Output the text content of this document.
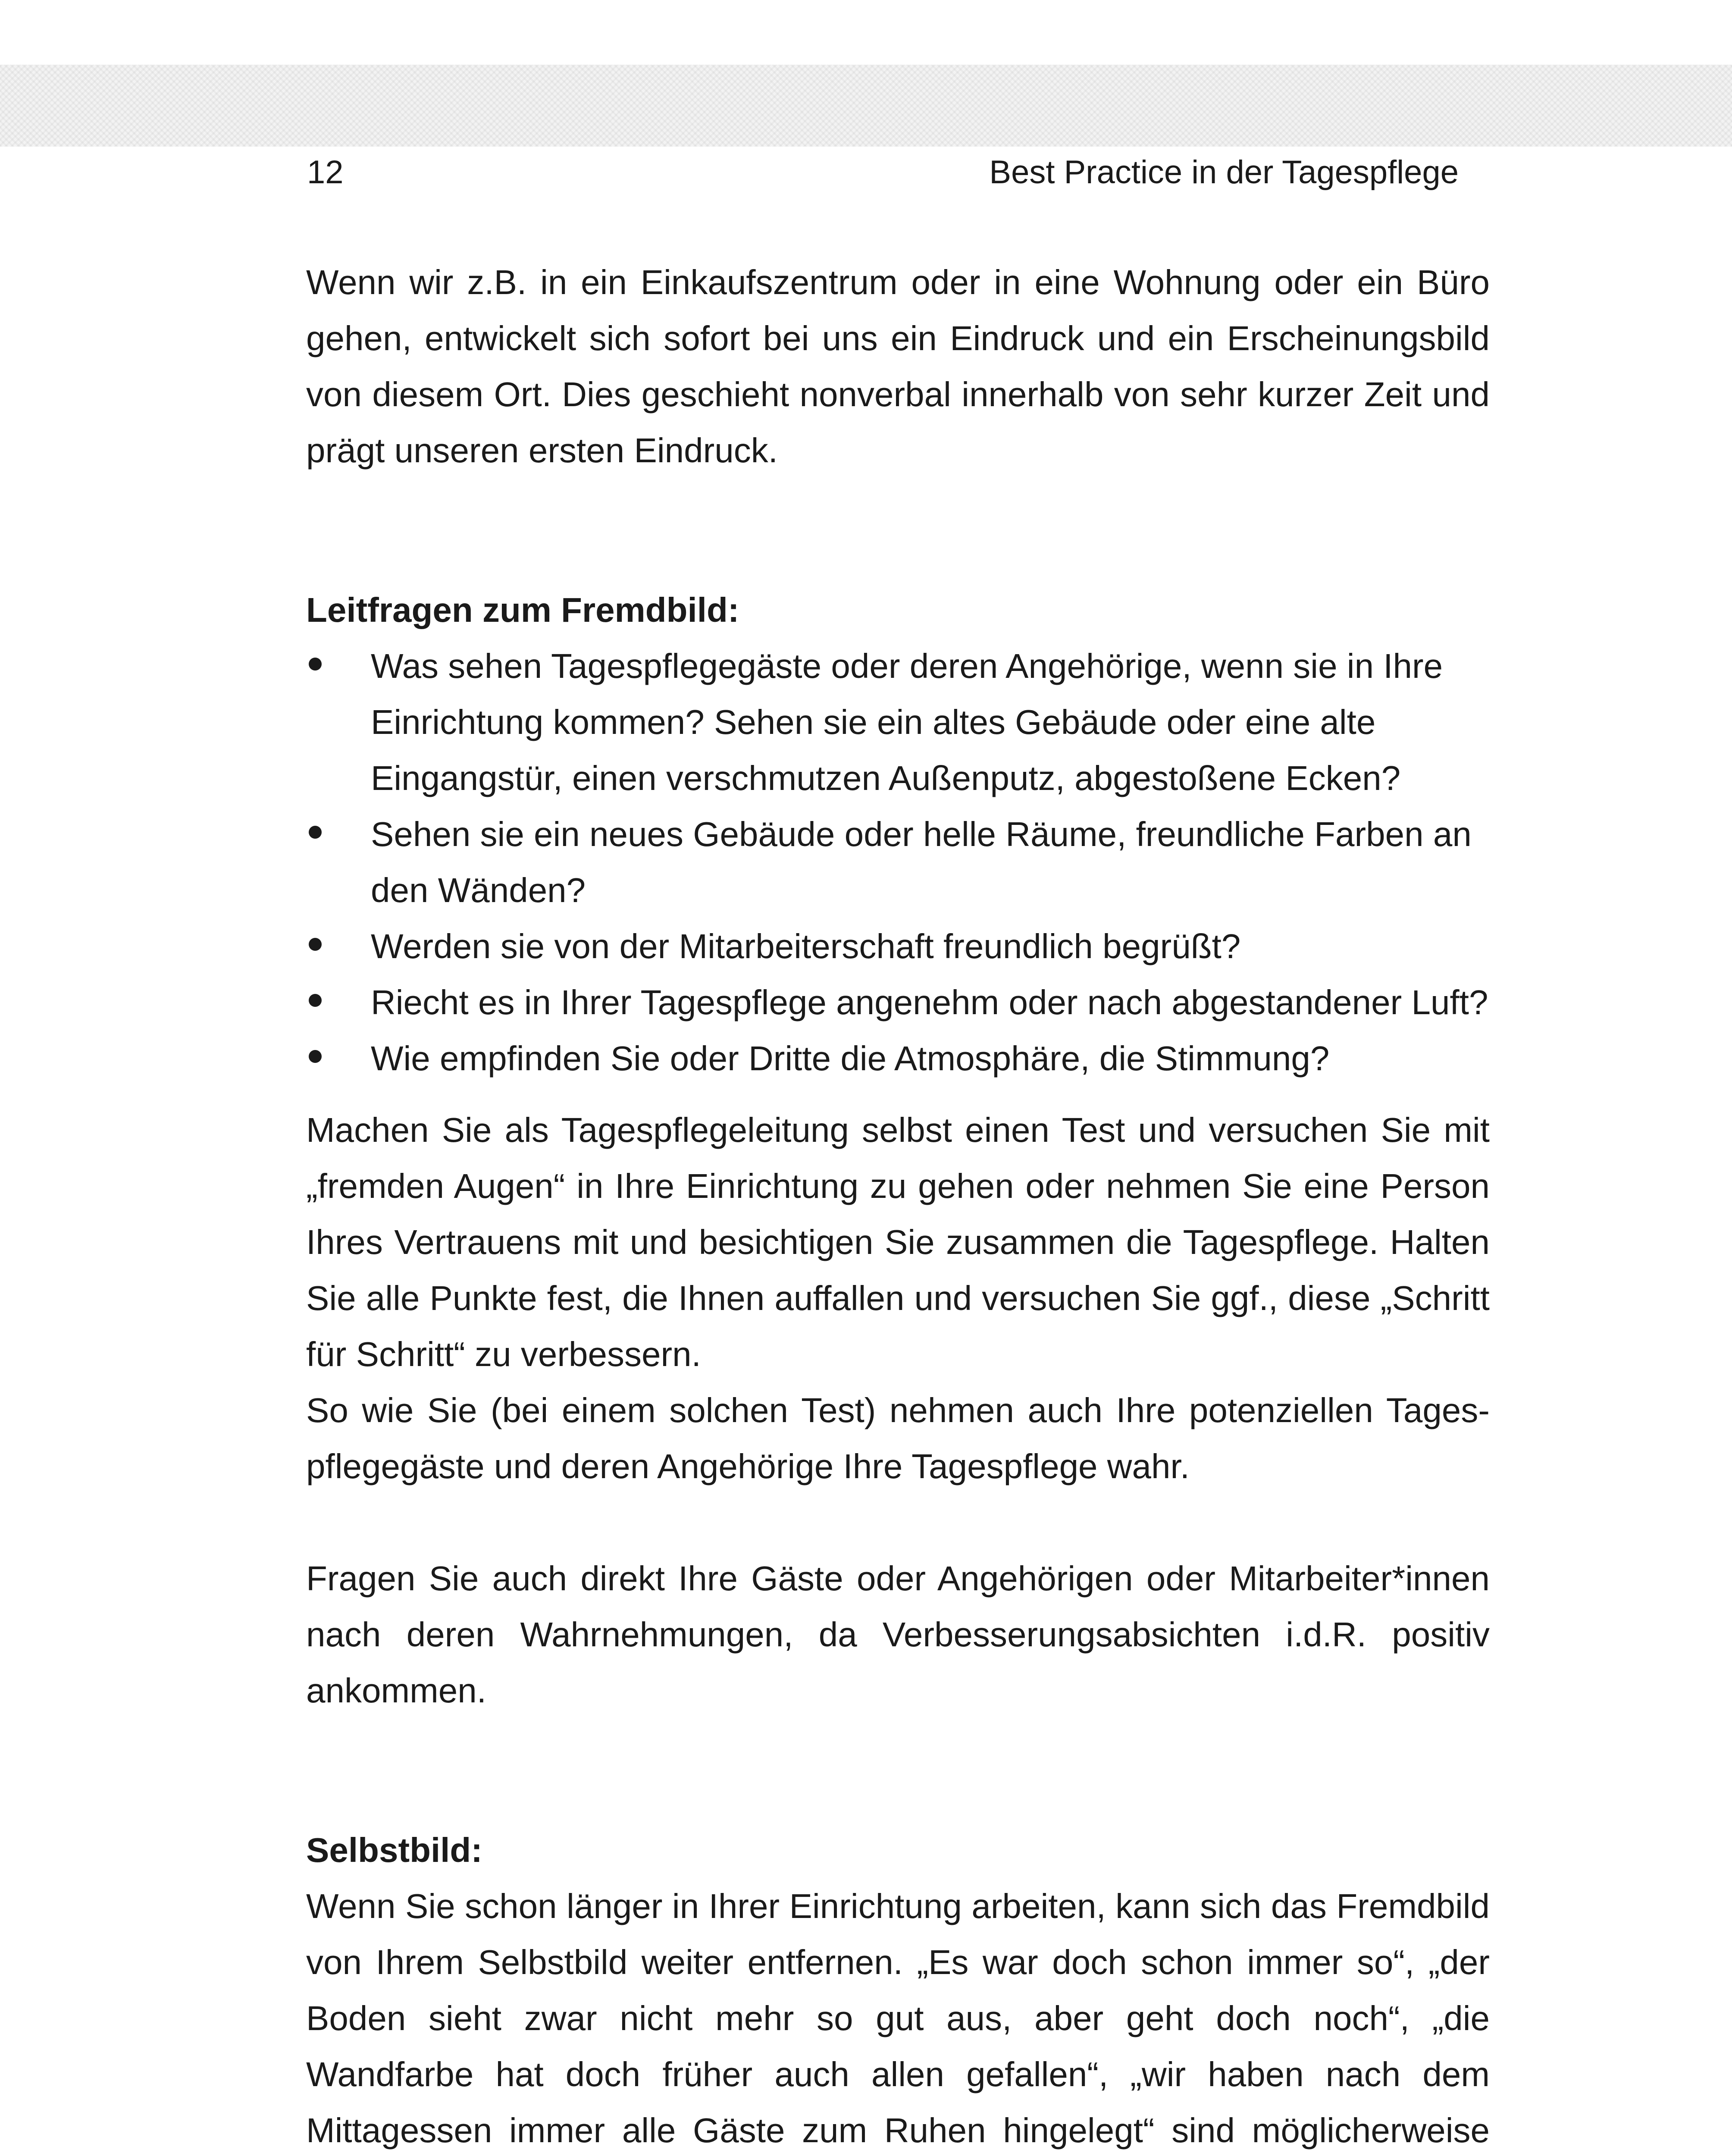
12	Best Practice in der Tagespflege

Wenn wir z.B. in ein Einkaufszentrum oder in eine Wohnung oder ein Büro gehen, entwickelt sich sofort bei uns ein Eindruck und ein Erscheinungsbild von diesem Ort. Dies geschieht nonverbal innerhalb von sehr kurzer Zeit und prägt unseren ersten Eindruck.

Leitfragen zum Fremdbild:
Was sehen Tagespflegegäste oder deren Angehörige, wenn sie in Ihre Einrichtung kommen? Sehen sie ein altes Gebäude oder eine alte Eingangstür, einen verschmutzen Außenputz, abgestoßene Ecken?
Sehen sie ein neues Gebäude oder helle Räume, freundliche Farben an den Wänden?
Werden sie von der Mitarbeiterschaft freundlich begrüßt?
Riecht es in Ihrer Tagespflege angenehm oder nach abgestandener Luft?
Wie empfinden Sie oder Dritte die Atmosphäre, die Stimmung?

Machen Sie als Tagespflegeleitung selbst einen Test und versuchen Sie mit „fremden Augen“ in Ihre Einrichtung zu gehen oder nehmen Sie eine Person Ihres Vertrauens mit und besichtigen Sie zusammen die Tagespflege. Halten Sie alle Punkte fest, die Ihnen auffallen und versuchen Sie ggf., diese „Schritt für Schritt“ zu verbessern.

So wie Sie (bei einem solchen Test) nehmen auch Ihre potenziellen Tagespflegegäste und deren Angehörige Ihre Tagespflege wahr.

Fragen Sie auch direkt Ihre Gäste oder Angehörigen oder Mitarbeiter*innen nach deren Wahrnehmungen, da Verbesserungsabsichten i.d.R. positiv ankommen.

Selbstbild:

Wenn Sie schon länger in Ihrer Einrichtung arbeiten, kann sich das Fremdbild von Ihrem Selbstbild weiter entfernen. „Es war doch schon immer so“, „der Boden sieht zwar nicht mehr so gut aus, aber geht doch noch“, „die Wandfarbe hat doch früher auch allen gefallen“, „wir haben nach dem Mittagessen immer alle Gäste zum Ruhen hingelegt“ sind möglicherweise
